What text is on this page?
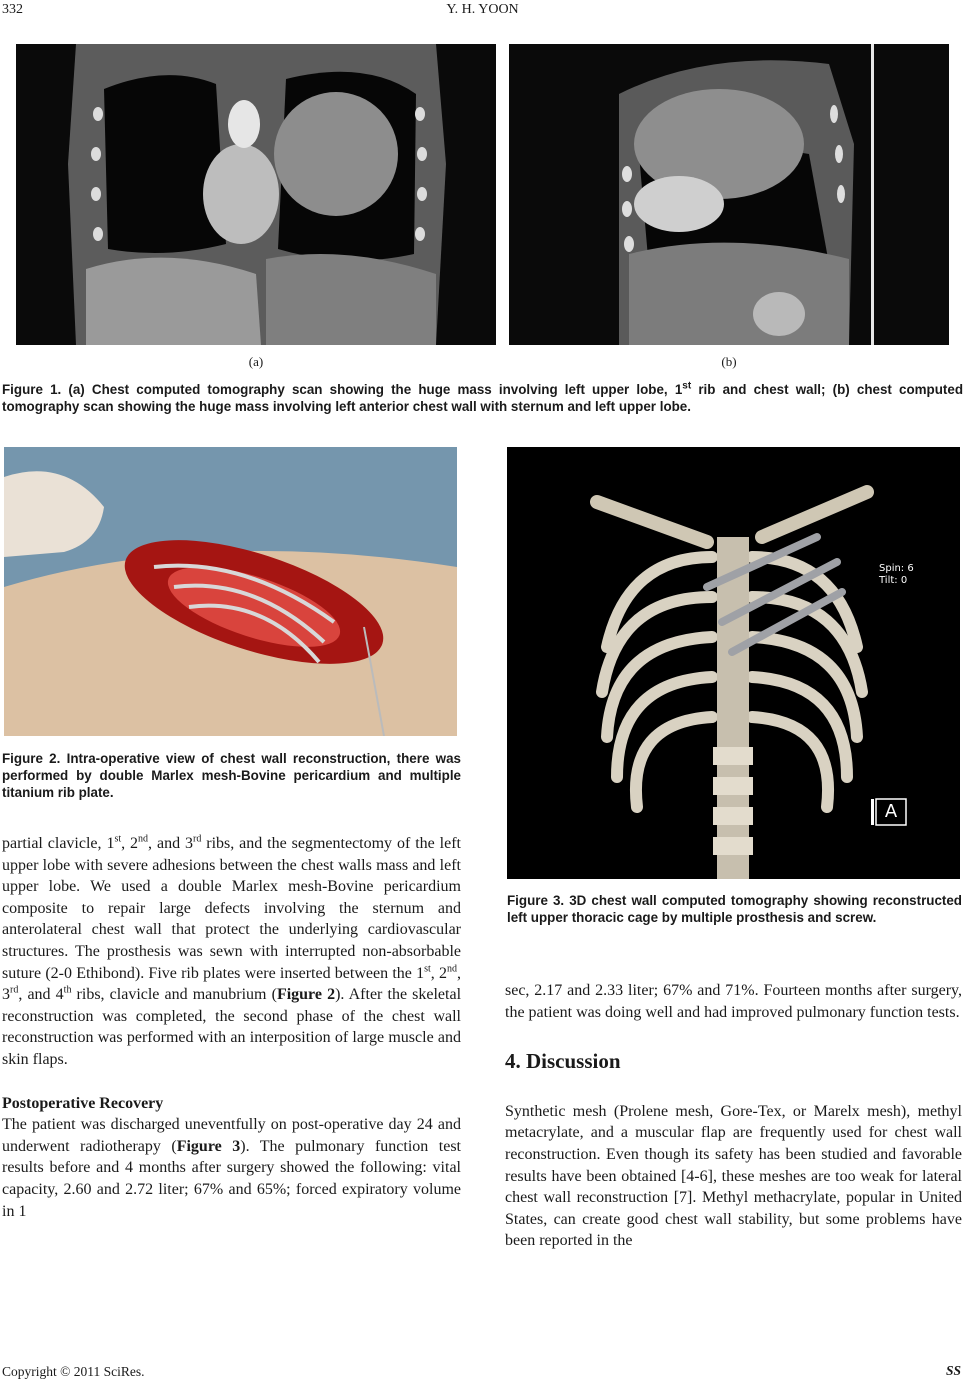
332	Y. H. YOON
(a)	(b)
Figure 1. (a) Chest computed tomography scan showing the huge mass involving left upper lobe, 1st rib and chest wall; (b) chest computed tomography scan showing the huge mass involving left anterior chest wall with sternum and left upper lobe.
Figure 2. Intra-operative view of chest wall reconstruction, there was performed by double Marlex mesh-Bovine pericardium and multiple titanium rib plate.
Spin: 6
Tilt: 0
A
Figure 3. 3D chest wall computed tomography showing reconstructed left upper thoracic cage by multiple prosthesis and screw.

partial clavicle, 1st, 2nd, and 3rd ribs, and the segmentectomy of the left upper lobe with severe adhesions between the chest walls mass and left upper lobe. We used a double Marlex mesh-Bovine pericardium composite to repair large defects involving the sternum and anterolateral chest wall that protect the underlying cardiovascular structures. The prosthesis was sewn with interrupted non-absorbable suture (2-0 Ethibond). Five rib plates were inserted between the 1st, 2nd, 3rd, and 4th ribs, clavicle and manubrium (Figure 2). After the skeletal reconstruction was completed, the second phase of the chest wall reconstruction was performed with an interposition of large muscle and skin flaps.

Postoperative Recovery

The patient was discharged uneventfully on post-operative day 24 and underwent radiotherapy (Figure 3). The pulmonary function test results before and 4 months after surgery showed the following: vital capacity, 2.60 and 2.72 liter; 67% and 65%; forced expiratory volume in 1

sec, 2.17 and 2.33 liter; 67% and 71%. Fourteen months after surgery, the patient was doing well and had improved pulmonary function tests.

4. Discussion

Synthetic mesh (Prolene mesh, Gore-Tex, or Marelx mesh), methyl metacrylate, and a muscular flap are frequently used for chest wall reconstruction. Even though its safety has been studied and favorable results have been obtained [4-6], these meshes are too weak for lateral chest wall reconstruction [7]. Methyl methacrylate, popular in United States, can create good chest wall stability, but some problems have been reported in the

Copyright © 2011 SciRes.	SS
